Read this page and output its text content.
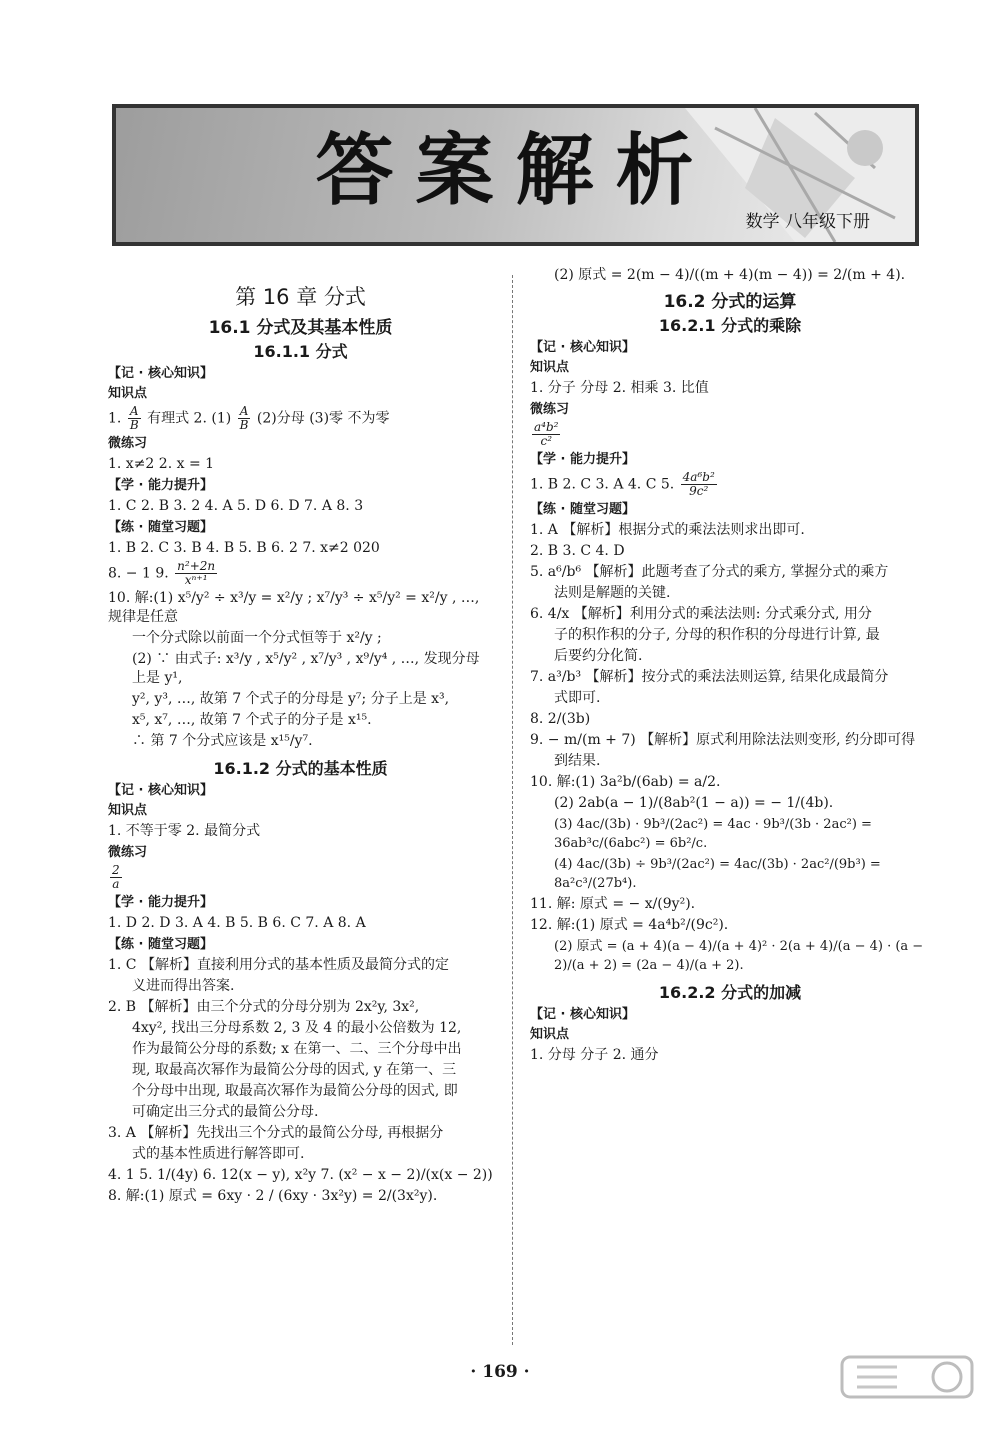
答案解析
数学 八年级下册
第 16 章 分式
16.1 分式及其基本性质
16.1.1 分式
【记 · 核心知识】
知识点
1. $\frac{A}{B}$ 有理式 2. $(1) \frac{A}{B} (2)$分母 (3)零 不为零
微练习
1. x≠2 2. x = 1
【学 · 能力提升】
1. C 2. B 3. 2 4. A 5. D 6. D 7. A 8. 3
【练 · 随堂习题】
1. B 2. C 3. B 4. B 5. B 6. 2 7. x≠2 020
8. − 1 9. $\frac{\text{n²+2n}}{\text{xⁿ⁺¹}}$
10. 解:(1) x⁵/y² ÷ x³/y = x²/y ; x⁷/y³ ÷ x⁵/y² = x²/y , …, 规律是任意
一个分式除以前面一个分式恒等于 x²/y ;
(2) ∵ 由式子: x³/y , x⁵/y² , x⁷/y³ , x⁹/y⁴ , …, 发现分母上是 y¹,
y², y³, …, 故第 7 个式子的分母是 y⁷; 分子上是 x³,
x⁵, x⁷, …, 故第 7 个式子的分子是 x¹⁵.
∴ 第 7 个分式应该是 x¹⁵/y⁷.
16.1.2 分式的基本性质
【记 · 核心知识】
知识点
1. 不等于零 2. 最简分式
微练习
$\frac{2}{a}$
【学 · 能力提升】
1. D 2. D 3. A 4. B 5. B 6. C 7. A 8. A
【练 · 随堂习题】
1. C 【解析】直接利用分式的基本性质及最简分式的定
义进而得出答案.
2. B 【解析】由三个分式的分母分别为 2x²y, 3x²,
4xy², 找出三分母系数 2, 3 及 4 的最小公倍数为 12,
作为最简公分母的系数; x 在第一、二、三个分母中出
现, 取最高次幂作为最简公分母的因式, y 在第一、三
个分母中出现, 取最高次幂作为最简公分母的因式, 即
可确定出三分式的最简公分母.
3. A 【解析】先找出三个分式的最简公分母, 再根据分
式的基本性质进行解答即可.
4. 1 5. 1/(4y) 6. 12(x − y), x²y 7. (x² − x − 2)/(x(x − 2))
8. 解:(1) 原式 = 6xy · 2 / (6xy · 3x²y) = 2/(3x²y).
(2) 原式 = 2(m − 4)/((m + 4)(m − 4)) = 2/(m + 4).
16.2 分式的运算
16.2.1 分式的乘除
【记 · 核心知识】
知识点
1. 分子 分母 2. 相乘 3. 比值
微练习
$\frac{\text{a⁴b²}}{\text{c²}}$
【学 · 能力提升】
1. B 2. C 3. A 4. C 5. $\frac{\text{4a⁶b²}}{\text{9c²}}$
【练 · 随堂习题】
1. A 【解析】根据分式的乘法法则求出即可.
2. B 3. C 4. D
5. a⁶/b⁶ 【解析】此题考查了分式的乘方, 掌握分式的乘方
法则是解题的关键.
6. 4/x 【解析】利用分式的乘法法则: 分式乘分式, 用分
子的积作积的分子, 分母的积作积的分母进行计算, 最
后要约分化简.
7. a³/b³ 【解析】按分式的乘法法则运算, 结果化成最简分
式即可.
8. 2/(3b)
9. − m/(m + 7) 【解析】原式利用除法法则变形, 约分即可得
到结果.
10. 解:(1) 3a²b/(6ab) = a/2.
(2) 2ab(a − 1)/(8ab²(1 − a)) = − 1/(4b).
(3) 4ac/(3b) · 9b³/(2ac²) = 4ac · 9b³/(3b · 2ac²) = 36ab³c/(6abc²) = 6b²/c.
(4) 4ac/(3b) ÷ 9b³/(2ac²) = 4ac/(3b) · 2ac²/(9b³) = 8a²c³/(27b⁴).
11. 解: 原式 = − x/(9y²).
12. 解:(1) 原式 = 4a⁴b²/(9c²).
(2) 原式 = (a + 4)(a − 4)/(a + 4)² · 2(a + 4)/(a − 4) · (a − 2)/(a + 2) = (2a − 4)/(a + 2).
16.2.2 分式的加减
【记 · 核心知识】
知识点
1. 分母 分子 2. 通分
· 169 ·
